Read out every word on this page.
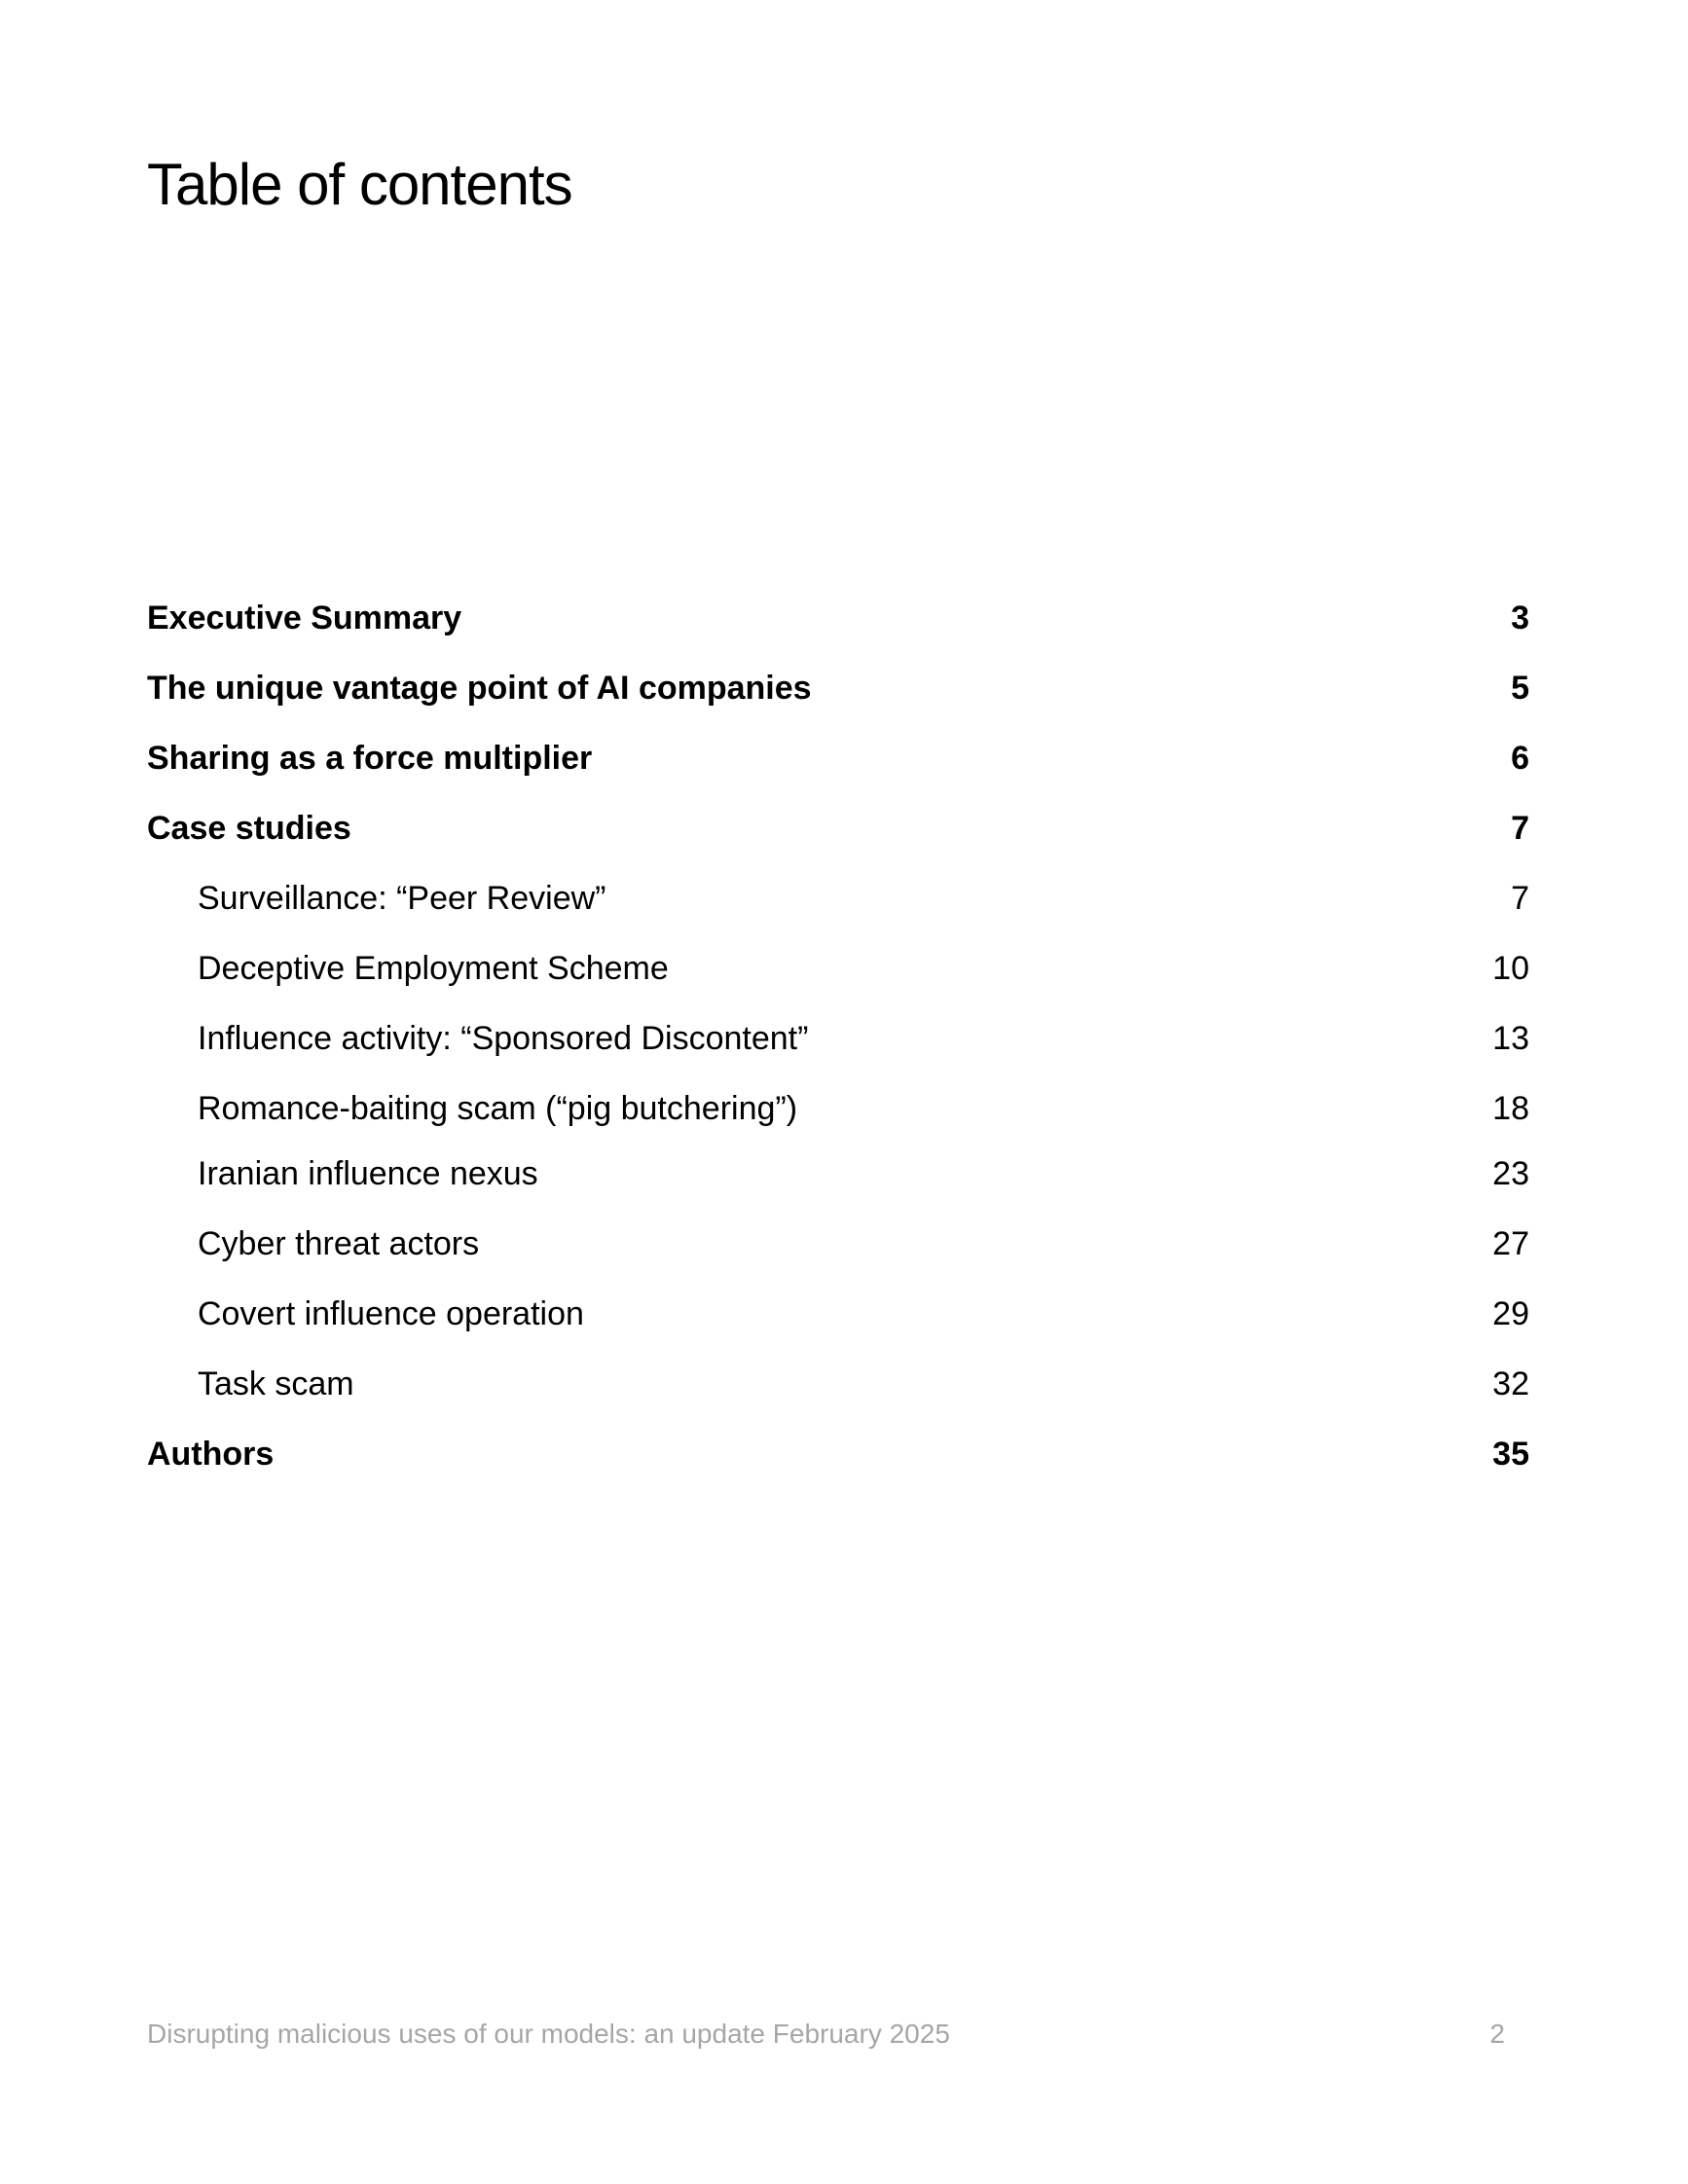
Table of contents
Executive Summary	3
The unique vantage point of AI companies	5
Sharing as a force multiplier	6
Case studies	7
Surveillance: “Peer Review”	7
Deceptive Employment Scheme	10
Influence activity: “Sponsored Discontent”	13
Romance-baiting scam (“pig butchering”)	18
Iranian influence nexus	23
Cyber threat actors	27
Covert influence operation	29
Task scam	32
Authors	35
Disrupting malicious uses of our models: an update February 2025	2
